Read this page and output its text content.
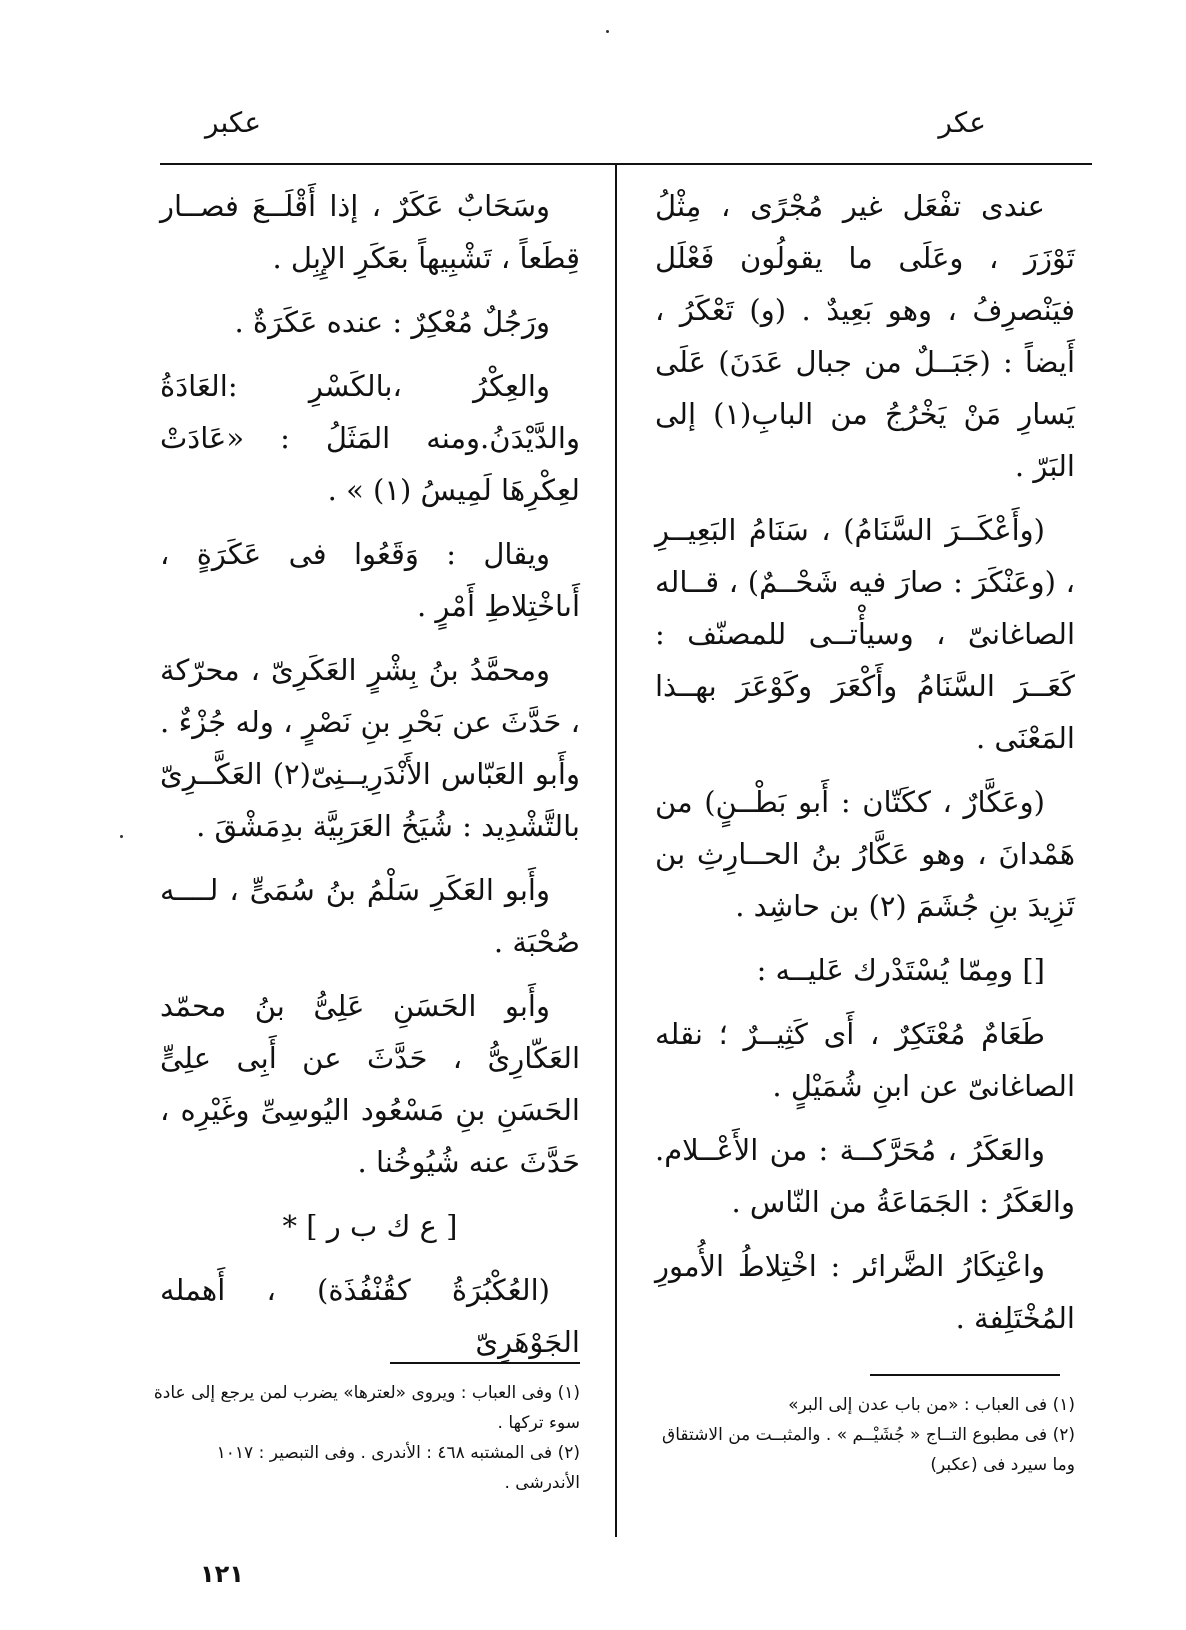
عكر
عكبر

عندى تفْعَل غير مُجْرًى ، مِثْلُ تَوْزَرَ ، وعَلَى ما يقولُون فَعْلَل فيَنْصرِفُ ، وهو بَعِيدٌ . (و) تَعْكَرُ ، أَيضاً : (جَبَــلٌ من جبال عَدَنَ) عَلَى يَسارِ مَنْ يَخْرُجُ من البابِ(١) إلى البَرّ .

(وأَعْكَــرَ السَّنَامُ) ، سَنَامُ البَعِيــرِ ، (وعَنْكَرَ : صارَ فيه شَحْــمٌ) ، قــاله الصاغانىّ ، وسيأْتــى للمصنّف : كَعَــرَ السَّنَامُ وأَكْعَرَ وكَوْعَرَ بهــذا المَعْنَى .

(وعَكَّارٌ ، ككَتّان : أَبو بَطْــنٍ) من هَمْدانَ ، وهو عَكَّارُ بنُ الحــارِثِ بن تَزِيدَ بنِ جُشَمَ (٢) بن حاشِد .

[] ومِمّا يُسْتَدْرك عَليــه :

طَعَامٌ مُعْتَكِرٌ ، أَى كَثِيــرٌ ؛ نقله الصاغانىّ عن ابنِ شُمَيْلٍ .

والعَكَرُ ، مُحَرَّكــة : من الأَعْــلام. والعَكَرُ : الجَمَاعَةُ من النّاس .

واعْتِكَارُ الضَّرائر : اخْتِلاطُ الأُمورِ المُخْتَلِفة .

وسَحَابٌ عَكَرٌ ، إذا أَقْلَــعَ فصــار قِطَعاً ، تَشْبِيهاً بعَكَرِ الإِبِل .

ورَجُلٌ مُعْكِرٌ : عنده عَكَرَةٌ .

والعِكْرُ ،بالكَسْرِ :العَادَةُ والدَّيْدَنُ.ومنه المَثَلُ : «عَادَتْ لعِكْرِهَا لَمِيسُ (١) » .

ويقال : وَقَعُوا فى عَكَرَةٍ ، أَىاخْتِلاطِ أَمْرٍ .

ومحمَّدُ بنُ بِشْرٍ العَكَرِىّ ، محرّكة ، حَدَّثَ عن بَحْرِ بنِ نَصْرٍ ، وله جُزْءٌ . وأَبو العَبّاس الأَنْدَرِيــنِىّ(٢) العَكَّــرِىّ بالتَّشْدِيد : شُيَخُ العَرَبِيَّة بدِمَشْقَ .

وأَبو العَكَرِ سَلْمُ بنُ سُمَىٍّ ، لــــه صُحْبَة .

وأَبو الحَسَنِ عَلِىُّ بنُ محمّد العَكّارِىُّ ، حَدَّثَ عن أَبِى علِىٍّ الحَسَنِ بنِ مَسْعُود اليُوسِىِّ وغَيْرِه ، حَدَّثَ عنه شُيُوخُنا .

[ ع ك ب ر ] *

(العُكْبُرَةُ كقُنْفُذَة) ، أَهمله الجَوْهَرِىّ

(١) فى العباب : «من باب عدن إلى البر»

(٢) فى مطبوع التــاج « جُشَيْــم » . والمثبــت من الاشتقاق وما سيرد فى (عكبر)

(١) وفى العباب : ويروى «لعترها» يضرب لمن يرجع إلى عادة سوء تركها .

(٢) فى المشتبه ٤٦٨ : الأندرى . وفى التبصير : ١٠١٧ الأندرشى .

١٢١
